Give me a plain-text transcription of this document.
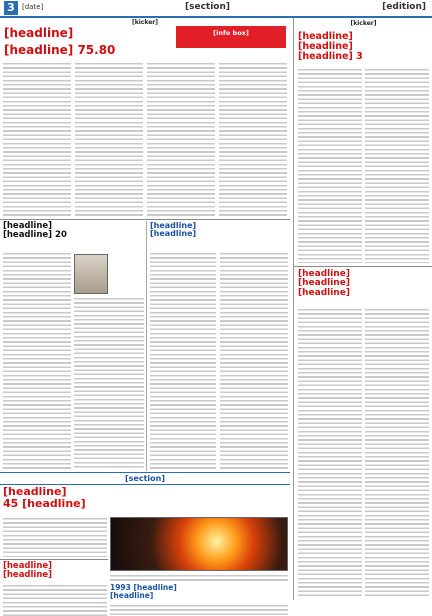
3	[date]	[section]	[edition]
[kicker]
[headline]
[headline] 75.80
[info box]
[headline]
[headline] 20
[headline]
[headline]
[section]
[headline]
45 [headline]
[headline]
[headline]
1993 [headline]
[headline]
[kicker]
[headline]
[headline]
[headline] 3
[headline]
[headline]
[headline]
